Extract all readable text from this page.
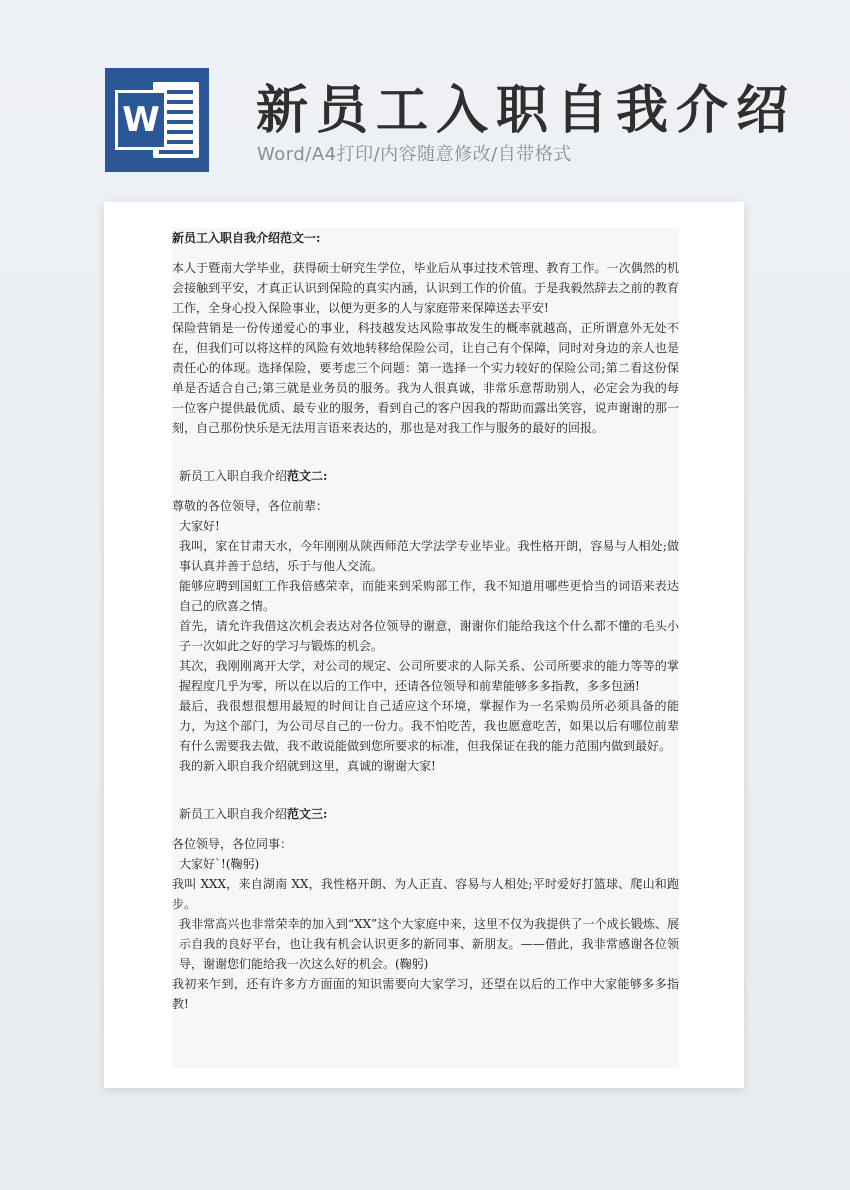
W 新员工入职自我介绍
Word/A4打印/内容随意修改/自带格式

新员工入职自我介绍范文一:

本人于暨南大学毕业，获得硕士研究生学位，毕业后从事过技术管理、教育工作。一次偶然的机会接触到平安，才真正认识到保险的真实内涵，认识到工作的价值。于是我毅然辞去之前的教育工作，全身心投入保险事业，以便为更多的人与家庭带来保障送去平安!

保险营销是一份传递爱心的事业，科技越发达风险事故发生的概率就越高，正所谓意外无处不在，但我们可以将这样的风险有效地转移给保险公司，让自己有个保障，同时对身边的亲人也是责任心的体现。选择保险，要考虑三个问题：第一选择一个实力较好的保险公司;第二看这份保单是否适合自己;第三就是业务员的服务。我为人很真诚，非常乐意帮助别人，必定会为我的每一位客户提供最优质、最专业的服务，看到自己的客户因我的帮助而露出笑容，说声谢谢的那一刻，自己那份快乐是无法用言语来表达的，那也是对我工作与服务的最好的回报。

新员工入职自我介绍范文二:

尊敬的各位领导，各位前辈：

大家好!

我叫，家在甘肃天水，今年刚刚从陕西师范大学法学专业毕业。我性格开朗，容易与人相处;做事认真并善于总结，乐于与他人交流。

能够应聘到国虹工作我倍感荣幸，而能来到采购部工作，我不知道用哪些更恰当的词语来表达自己的欣喜之情。

首先，请允许我借这次机会表达对各位领导的谢意，谢谢你们能给我这个什么都不懂的毛头小子一次如此之好的学习与锻炼的机会。

其次，我刚刚离开大学，对公司的规定、公司所要求的人际关系、公司所要求的能力等等的掌握程度几乎为零，所以在以后的工作中，还请各位领导和前辈能够多多指教，多多包涵!

最后，我很想很想用最短的时间让自己适应这个环境，掌握作为一名采购员所必须具备的能力，为这个部门，为公司尽自己的一份力。我不怕吃苦，我也愿意吃苦，如果以后有哪位前辈有什么需要我去做，我不敢说能做到您所要求的标准，但我保证在我的能力范围内做到最好。

我的新入职自我介绍就到这里，真诚的谢谢大家!

新员工入职自我介绍范文三:

各位领导，各位同事：

大家好`!(鞠躬)

我叫 XXX，来自湖南 XX，我性格开朗、为人正直、容易与人相处;平时爱好打篮球、爬山和跑步。

我非常高兴也非常荣幸的加入到“XX”这个大家庭中来，这里不仅为我提供了一个成长锻炼、展示自我的良好平台，也让我有机会认识更多的新同事、新朋友。——借此，我非常感谢各位领导，谢谢您们能给我一次这么好的机会。(鞠躬)

我初来乍到，还有许多方方面面的知识需要向大家学习，还望在以后的工作中大家能够多多指教!
